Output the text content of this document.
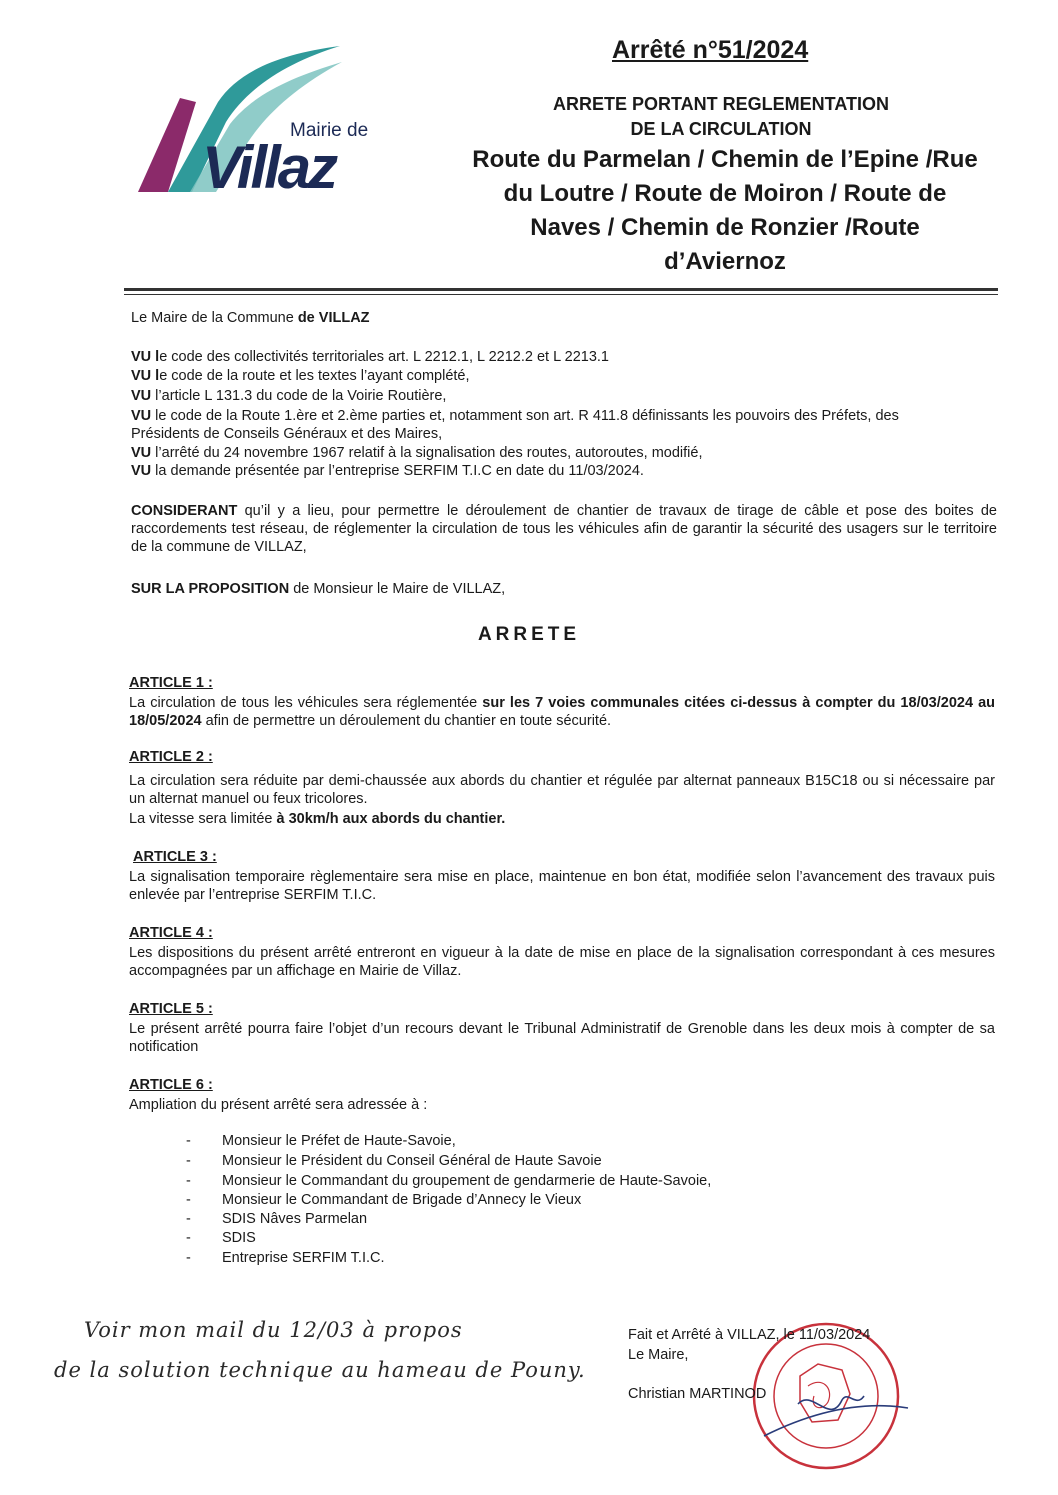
Mairie de
Villaz
Arrêté n°51/2024
ARRETE PORTANT REGLEMENTATION
DE LA CIRCULATION
Route du Parmelan / Chemin de l’Epine /Rue
du Loutre / Route de Moiron / Route de
Naves / Chemin de Ronzier /Route
d’Aviernoz
Le Maire de la Commune de VILLAZ
VU le code des collectivités territoriales art. L 2212.1, L 2212.2 et L 2213.1
VU le code de la route et les textes l’ayant complété,
VU l’article L 131.3 du code de la Voirie Routière,
VU le code de la Route 1.ère et 2.ème parties et, notamment son art. R 411.8 définissants les pouvoirs des Préfets, des
Présidents de Conseils Généraux et des Maires,
VU l’arrêté du 24 novembre 1967 relatif à la signalisation des routes, autoroutes, modifié,
VU la demande présentée par l’entreprise SERFIM T.I.C en date du 11/03/2024.
CONSIDERANT qu’il y a lieu, pour permettre le déroulement de chantier de travaux de tirage de câble et pose des boites de raccordements test réseau, de réglementer la circulation de tous les véhicules afin de garantir la sécurité des usagers sur le territoire de la commune de VILLAZ,
SUR LA PROPOSITION de Monsieur le Maire de VILLAZ,
ARRETE
ARTICLE 1 :
La circulation de tous les véhicules sera réglementée sur les 7 voies communales citées ci-dessus à compter du 18/03/2024 au 18/05/2024 afin de permettre un déroulement du chantier en toute sécurité.
ARTICLE 2 :
La circulation sera réduite par demi-chaussée aux abords du chantier et régulée par alternat panneaux B15C18 ou si nécessaire par un alternat manuel ou feux tricolores.
La vitesse sera limitée à 30km/h aux abords du chantier.
ARTICLE 3 :
La signalisation temporaire règlementaire sera mise en place, maintenue en bon état, modifiée selon l’avancement des travaux puis enlevée par l’entreprise SERFIM T.I.C.
ARTICLE 4 :
Les dispositions du présent arrêté entreront en vigueur à la date de mise en place de la signalisation correspondant à ces mesures accompagnées par un affichage en Mairie de Villaz.
ARTICLE 5 :
Le présent arrêté pourra faire l’objet d’un recours devant le Tribunal Administratif de Grenoble dans les deux mois à compter de sa notification
ARTICLE 6 :
Ampliation du présent arrêté sera adressée à :
- Monsieur le Préfet de Haute-Savoie,
- Monsieur le Président du Conseil Général de Haute Savoie
- Monsieur le Commandant du groupement de gendarmerie de Haute-Savoie,
- Monsieur le Commandant de Brigade d’Annecy le Vieux
- SDIS Nâves Parmelan
- SDIS
- Entreprise SERFIM T.I.C.
Voir mon mail du 12/03 à propos
de la solution technique au hameau de Pouny.
Fait et Arrêté à VILLAZ, le 11/03/2024
Le Maire,
Christian MARTINOD
